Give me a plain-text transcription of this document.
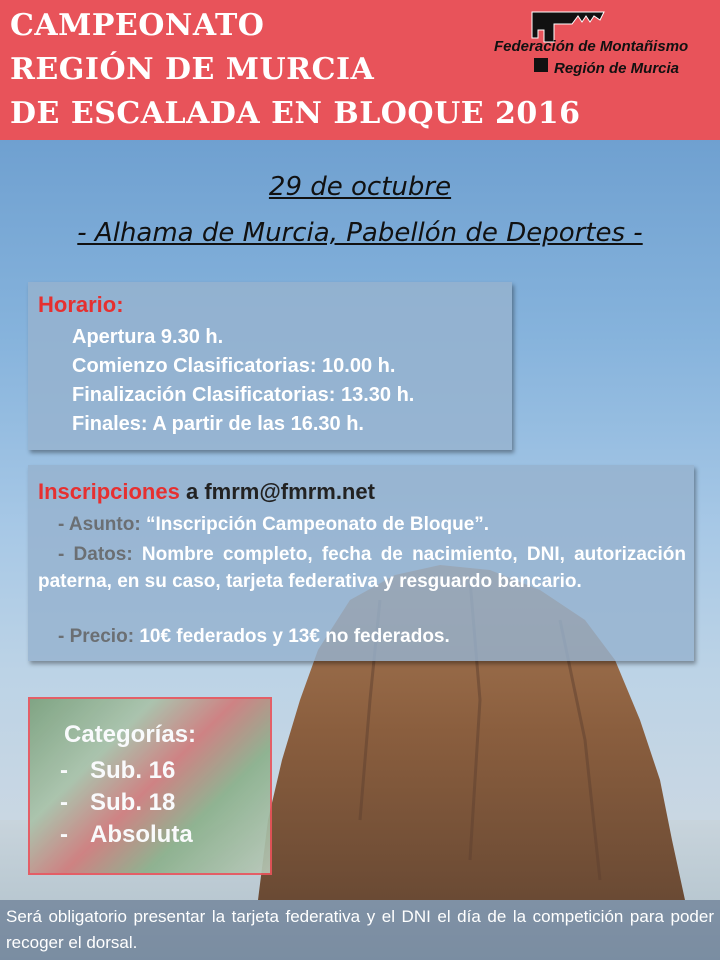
CAMPEONATO
REGIÓN DE MURCIA
DE ESCALADA EN BLOQUE 2016
Federación de Montañismo
Región de Murcia
29 de octubre
- Alhama de Murcia, Pabellón de Deportes -
Horario:
Apertura 9.30 h.
Comienzo Clasificatorias: 10.00 h.
Finalización Clasificatorias: 13.30 h.
Finales: A partir de las 16.30 h.
Inscripciones a fmrm@fmrm.net
- Asunto: “Inscripción Campeonato de Bloque”.
- Datos: Nombre completo, fecha de nacimiento, DNI, autorización paterna, en su caso, tarjeta federativa y resguardo bancario.
- Precio: 10€ federados y 13€ no federados.
Categorías:
- Sub. 16
- Sub. 18
- Absoluta
Será obligatorio presentar la tarjeta federativa y el DNI el día de la competición para poder recoger el dorsal.
